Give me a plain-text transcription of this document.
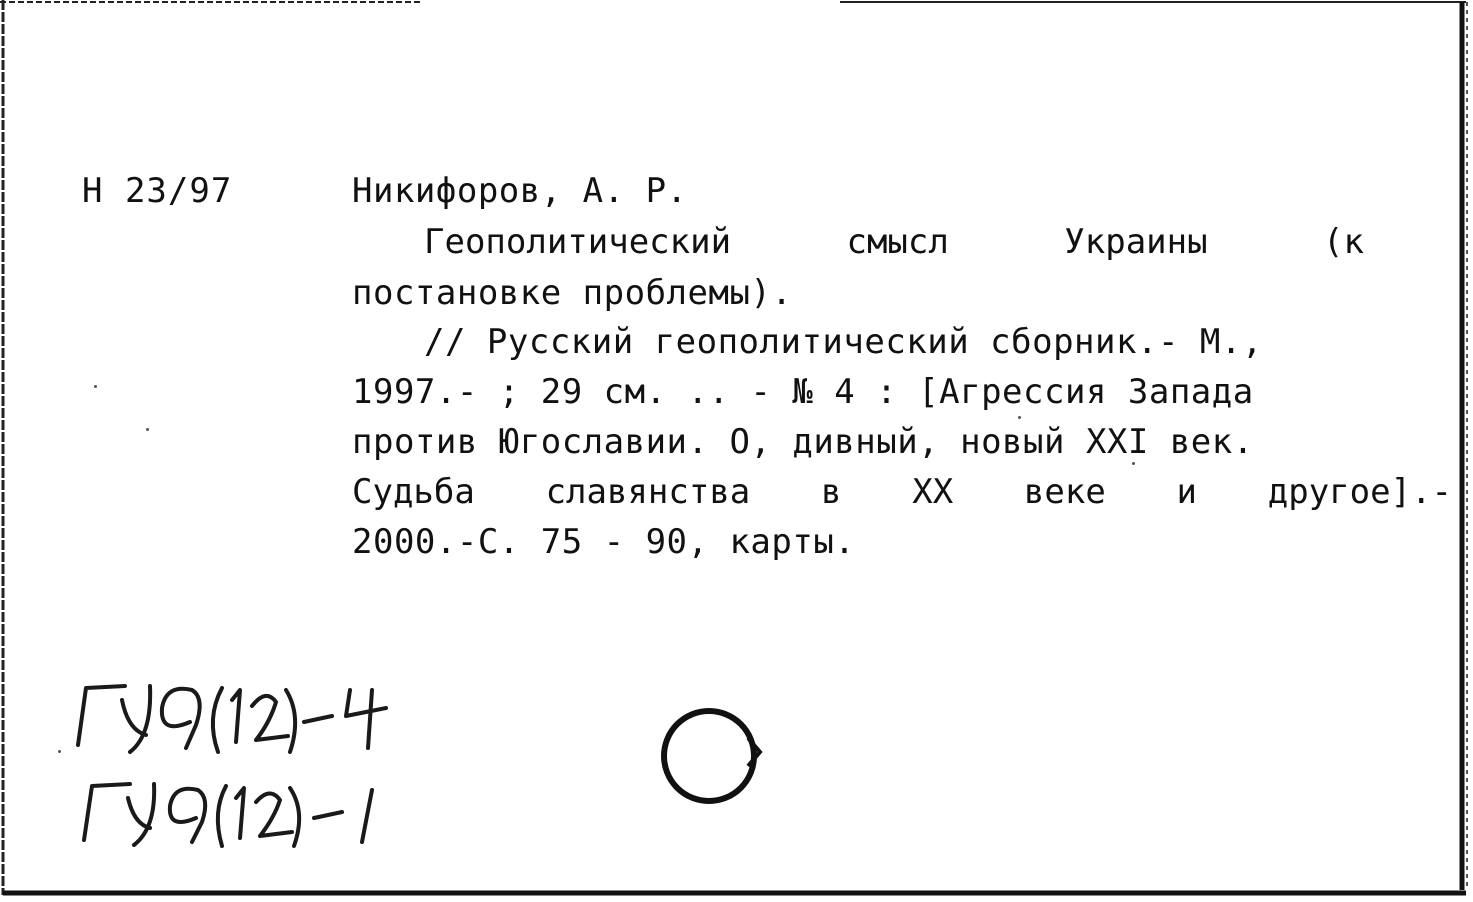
Н 23/97	Никифоров, А. Р.
Геополитический	смысл	Украины	(к
постановке проблемы).
// Русский геополитический сборник.- М.,
1997.- ; 29 см. .. - № 4 : [Агрессия Запада
против Югославии. О, дивный, новый XXI век.
Судьба славянства в XX веке и другое].-
2000.-С. 75 - 90, карты.
